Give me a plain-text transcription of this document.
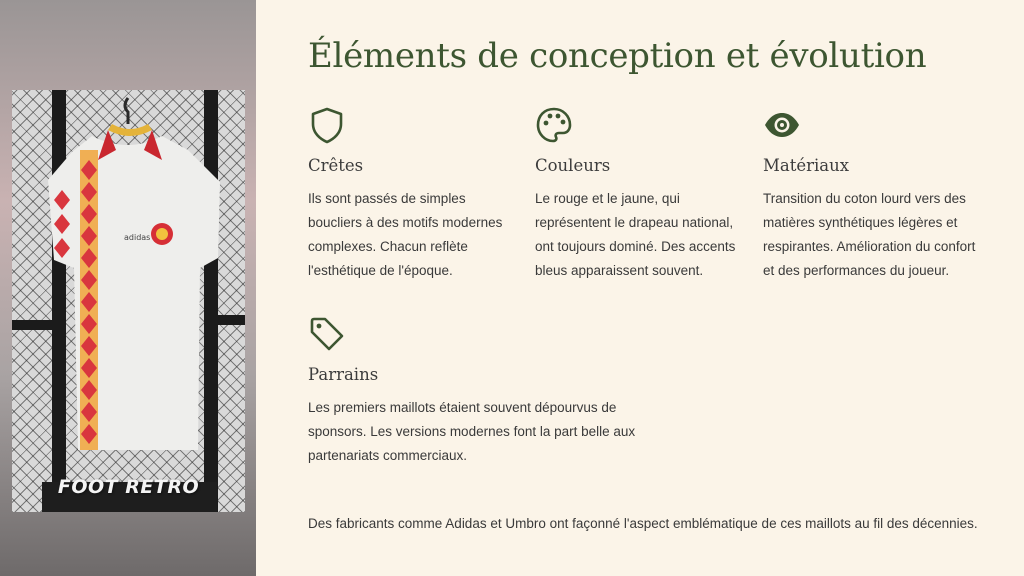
adidas
FOOT RETRO
Éléments de conception et évolution
Crêtes

Ils sont passés de simples boucliers à des motifs modernes complexes. Chacun reflète l'esthétique de l'époque.

Couleurs

Le rouge et le jaune, qui représentent le drapeau national, ont toujours dominé. Des accents bleus apparaissent souvent.

Matériaux

Transition du coton lourd vers des matières synthétiques légères et respirantes. Amélioration du confort et des performances du joueur.

Parrains

Les premiers maillots étaient souvent dépourvus de sponsors. Les versions modernes font la part belle aux partenariats commerciaux.

Des fabricants comme Adidas et Umbro ont façonné l'aspect emblématique de ces maillots au fil des décennies.
